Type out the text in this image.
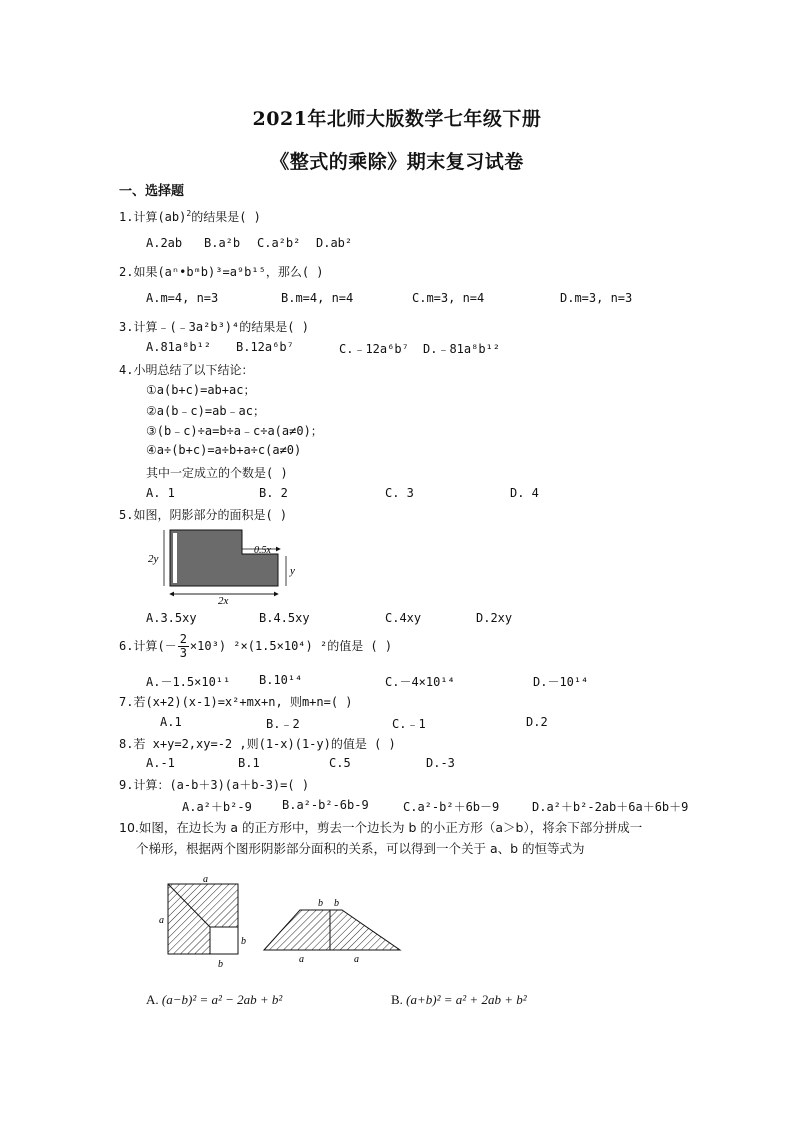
2021年北师大版数学七年级下册
《整式的乘除》期末复习试卷
一、选择题
1.计算(ab)$^2$的结果是( )
A.2ab B.a²b C.a²b² D.ab²
2.如果(aⁿ•bᵐb)³=a⁹b¹⁵，那么( )
A.m=4, n=3	B.m=4, n=4	C.m=3, n=4	D.m=3, n=3
3.计算﹣(﹣3a²b³)⁴的结果是( )
A.81a⁸b¹² B.12a⁶b⁷	C.﹣12a⁶b⁷ D.﹣81a⁸b¹²
4.小明总结了以下结论：
①a(b+c)=ab+ac；
②a(b﹣c)=ab﹣ac；
③(b﹣c)÷a=b÷a﹣c÷a(a≠0)；
④a÷(b+c)=a÷b+a÷c(a≠0)
其中一定成立的个数是( )
A. 1	B. 2	C. 3	D. 4
5.如图，阴影部分的面积是( )
2y
2x
0.5x
y
A.3.5xy	B.4.5xy	C.4xy	D.2xy
6.计算(－ $\frac{2}{3} \times 10^3$) ²×(1.5×10⁴) ²的值是 ( )
A.－1.5×10¹¹ B.10¹⁴	C.－4×10¹⁴	D.－10¹⁴
7.若(x+2)(x-1)=x²+mx+n, 则m+n=( )
A.1	B.﹣2	C.﹣1	D.2
8.若 x+y=2,xy=-2 ,则(1-x)(1-y)的值是 ( )
A.-1	B.1	C.5	D.-3
9.计算：(a-b＋3)(a＋b-3)=( )
A.a²＋b²-9	B.a²-b²-6b-9	C.a²-b²＋6b－9	D.a²＋b²-2ab＋6a＋6b＋9
10.如图，在边长为 a 的正方形中，剪去一个边长为 b 的小正方形（a＞b），将余下部分拼成一
个梯形，根据两个图形阴影部分面积的关系，可以得到一个关于 a、b 的恒等式为
a
a
b
b
b b
a	a
A. (a−b)² = a² − 2ab + b²	B. (a+b)² = a² + 2ab + b²
